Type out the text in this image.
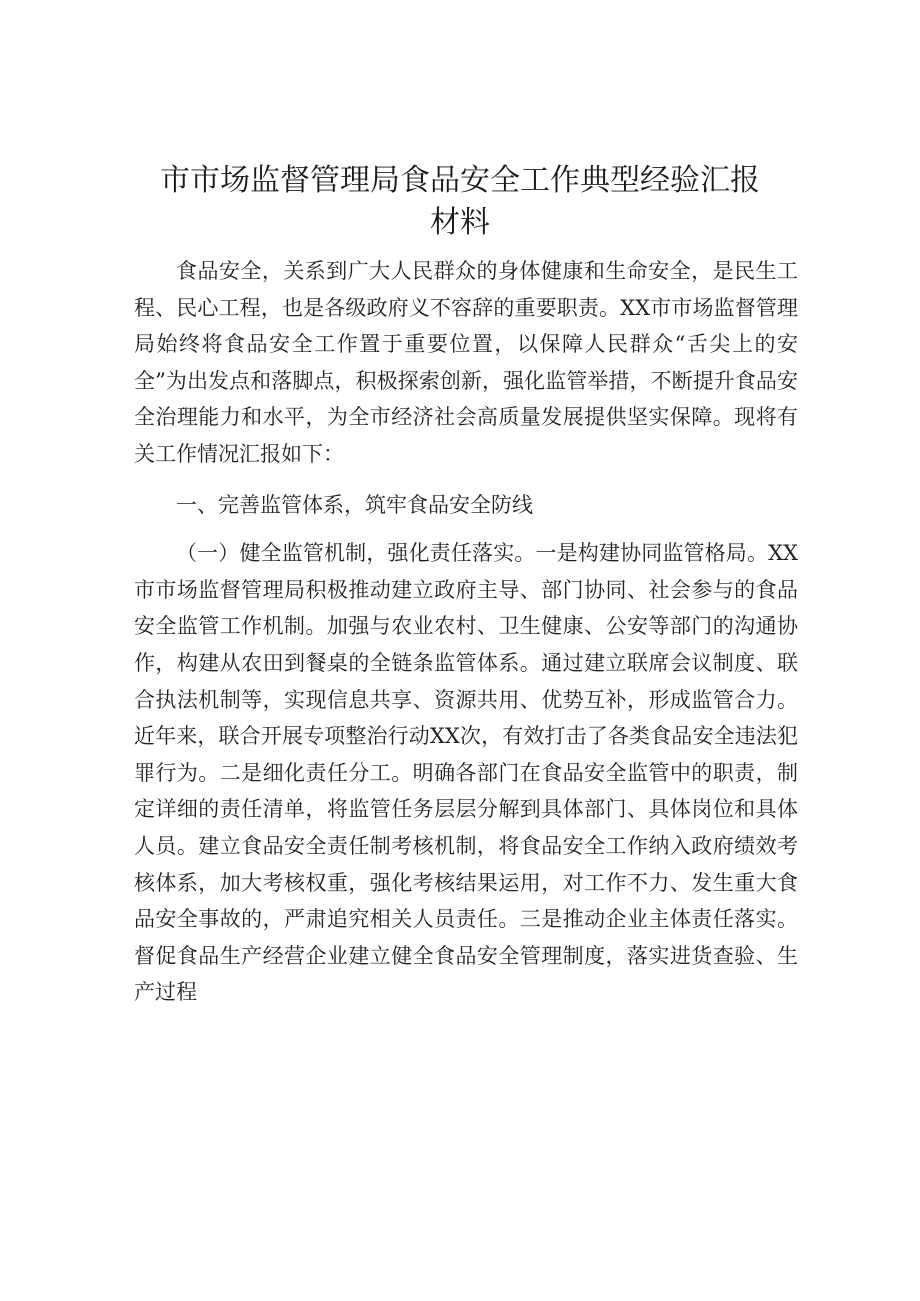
市市场监督管理局食品安全工作典型经验汇报
材料

食品安全，关系到广大人民群众的身体健康和生命安全，是民生工程、民心工程，也是各级政府义不容辞的重要职责。XX市市场监督管理局始终将食品安全工作置于重要位置，以保障人民群众“舌尖上的安全”为出发点和落脚点，积极探索创新，强化监管举措，不断提升食品安全治理能力和水平，为全市经济社会高质量发展提供坚实保障。现将有关工作情况汇报如下：

一、完善监管体系，筑牢食品安全防线

（一）健全监管机制，强化责任落实。一是构建协同监管格局。XX市市场监督管理局积极推动建立政府主导、部门协同、社会参与的食品安全监管工作机制。加强与农业农村、卫生健康、公安等部门的沟通协作，构建从农田到餐桌的全链条监管体系。通过建立联席会议制度、联合执法机制等，实现信息共享、资源共用、优势互补，形成监管合力。近年来，联合开展专项整治行动XX次，有效打击了各类食品安全违法犯罪行为。二是细化责任分工。明确各部门在食品安全监管中的职责，制定详细的责任清单，将监管任务层层分解到具体部门、具体岗位和具体人员。建立食品安全责任制考核机制，将食品安全工作纳入政府绩效考核体系，加大考核权重，强化考核结果运用，对工作不力、发生重大食品安全事故的，严肃追究相关人员责任。三是推动企业主体责任落实。督促食品生产经营企业建立健全食品安全管理制度，落实进货查验、生产过程
